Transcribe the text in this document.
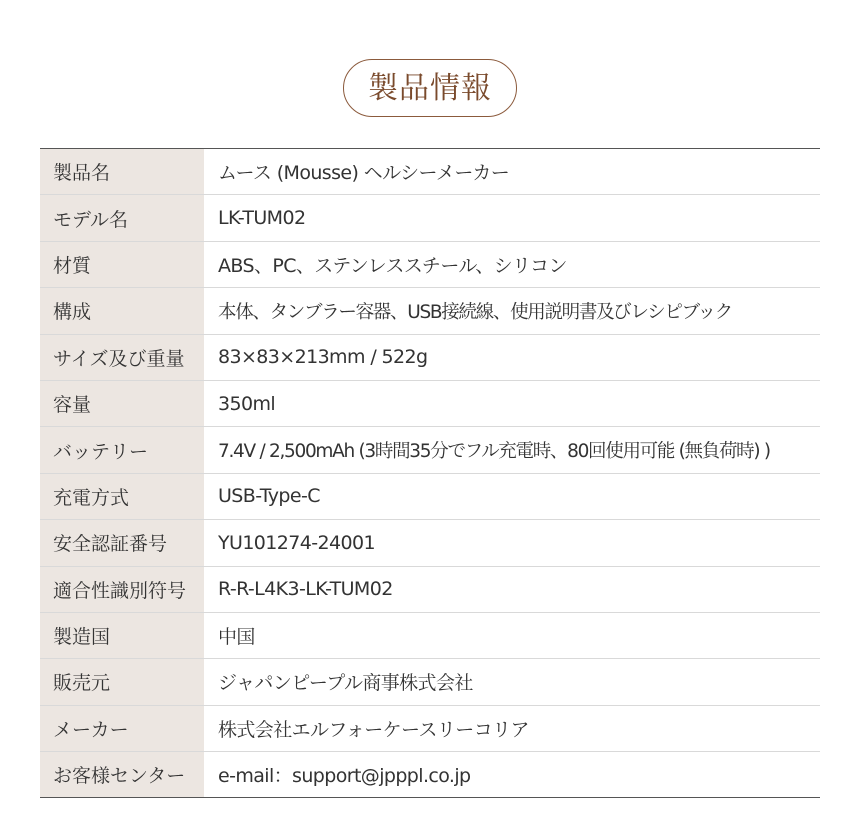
製品情報
製品名	ムース (Mousse) ヘルシーメーカー
モデル名	LK-TUM02
材質	ABS、PC、ステンレススチール、シリコン
構成	本体、タンブラー容器、USB接続線、使用説明書及びレシピブック
サイズ及び重量	83×83×213mm / 522g
容量	350ml
バッテリー	7.4V / 2,500mAh (3時間35分でフル充電時、80回使用可能 (無負荷時) )
充電方式	USB-Type-C
安全認証番号	YU101274-24001
適合性識別符号	R-R-L4K3-LK-TUM02
製造国	中国
販売元	ジャパンピープル商事株式会社
メーカー	株式会社エルフォーケースリーコリア
お客様センター	e-mail：support@jpppl.co.jp
